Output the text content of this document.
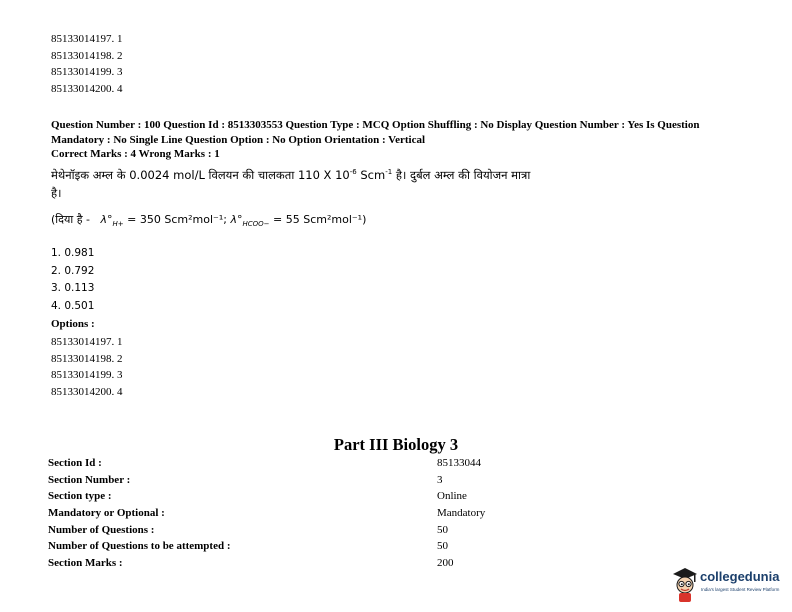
85133014197. 1
85133014198. 2
85133014199. 3
85133014200. 4
Question Number : 100 Question Id : 8513303553 Question Type : MCQ Option Shuffling : No Display Question Number : Yes Is Question Mandatory : No Single Line Question Option : No Option Orientation : Vertical
Correct Marks : 4 Wrong Marks : 1
मेथेनॉइक अम्ल के 0.0024 mol/L विलयन की चालकता 110 X $10^{-6}$ Scm$^{-1}$ है। दुर्बल अम्ल की वियोजन मात्रा
है।
(दिया है - $\lambda^\circ_{H+} = 350$ Scm²mol⁻¹; $\lambda^\circ_{HCOO-} = 55$ Scm²mol⁻¹)
1. 0.981
2. 0.792
3. 0.113
4. 0.501
Options :
85133014197. 1
85133014198. 2
85133014199. 3
85133014200. 4
Part III Biology 3
Section Id :	85133044
Section Number :	3
Section type :	Online
Mandatory or Optional :	Mandatory
Number of Questions :	50
Number of Questions to be attempted :	50
Section Marks :	200
collegedunia
India's largest Student Review Platform
